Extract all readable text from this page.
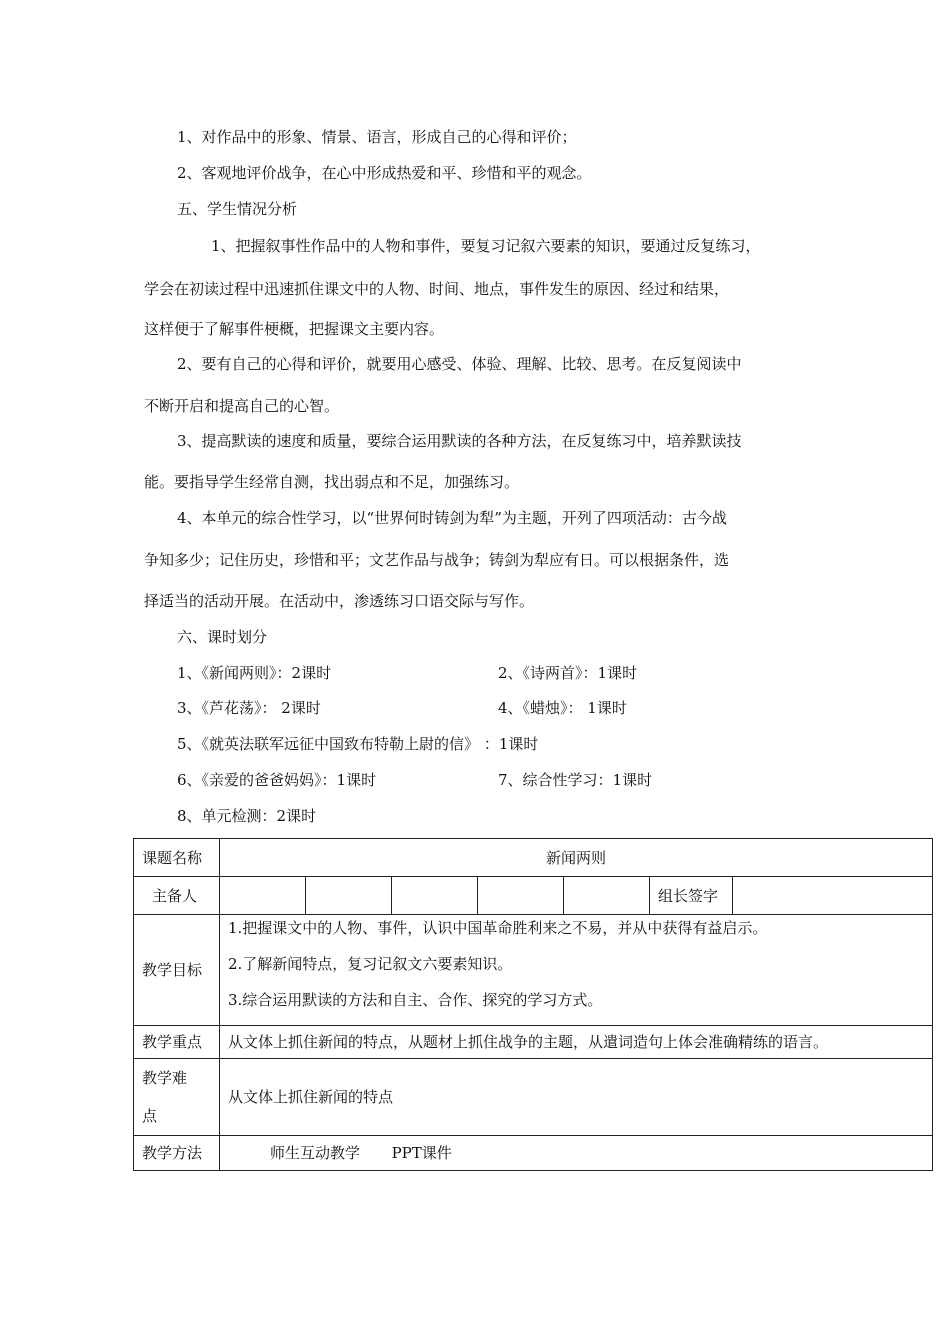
1、对作品中的形象、情景、语言，形成自己的心得和评价；
2、客观地评价战争，在心中形成热爱和平、珍惜和平的观念。
五、学生情况分析
1、把握叙事性作品中的人物和事件，要复习记叙六要素的知识，要通过反复练习，
学会在初读过程中迅速抓住课文中的人物、时间、地点，事件发生的原因、经过和结果，
这样便于了解事件梗概，把握课文主要内容。
2、要有自己的心得和评价，就要用心感受、体验、理解、比较、思考。在反复阅读中
不断开启和提高自己的心智。
3、提高默读的速度和质量，要综合运用默读的各种方法，在反复练习中，培养默读技
能。要指导学生经常自测，找出弱点和不足，加强练习。
4、本单元的综合性学习，以“世界何时铸剑为犁”为主题，开列了四项活动：古今战
争知多少；记住历史，珍惜和平；文艺作品与战争；铸剑为犁应有日。可以根据条件，选
择适当的活动开展。在活动中，渗透练习口语交际与写作。
六、课时划分
1、《新闻两则》：2课时	2、《诗两首》：1课时
3、《芦花荡》： 2课时	4、《蜡烛》： 1课时
5、《就英法联军远征中国致布特勒上尉的信》 ：1课时
6、《亲爱的爸爸妈妈》：1课时	7、综合性学习：1课时
8、单元检测：2课时
课题名称	新闻两则						
主备人						组长签字	
教学目标	1.把握课文中的人物、事件，认识中国革命胜利来之不易，并从中获得有益启示。
2.了解新闻特点，复习记叙文六要素知识。
3.综合运用默读的方法和自主、合作、探究的学习方式。						

教学重点	从文体上抓住新闻的特点，从题材上抓住战争的主题，从遣词造句上体会准确精练的语言。						
教学难
点	从文体上抓住新闻的特点						
教学方法	师生互动教学 PPT课件						
